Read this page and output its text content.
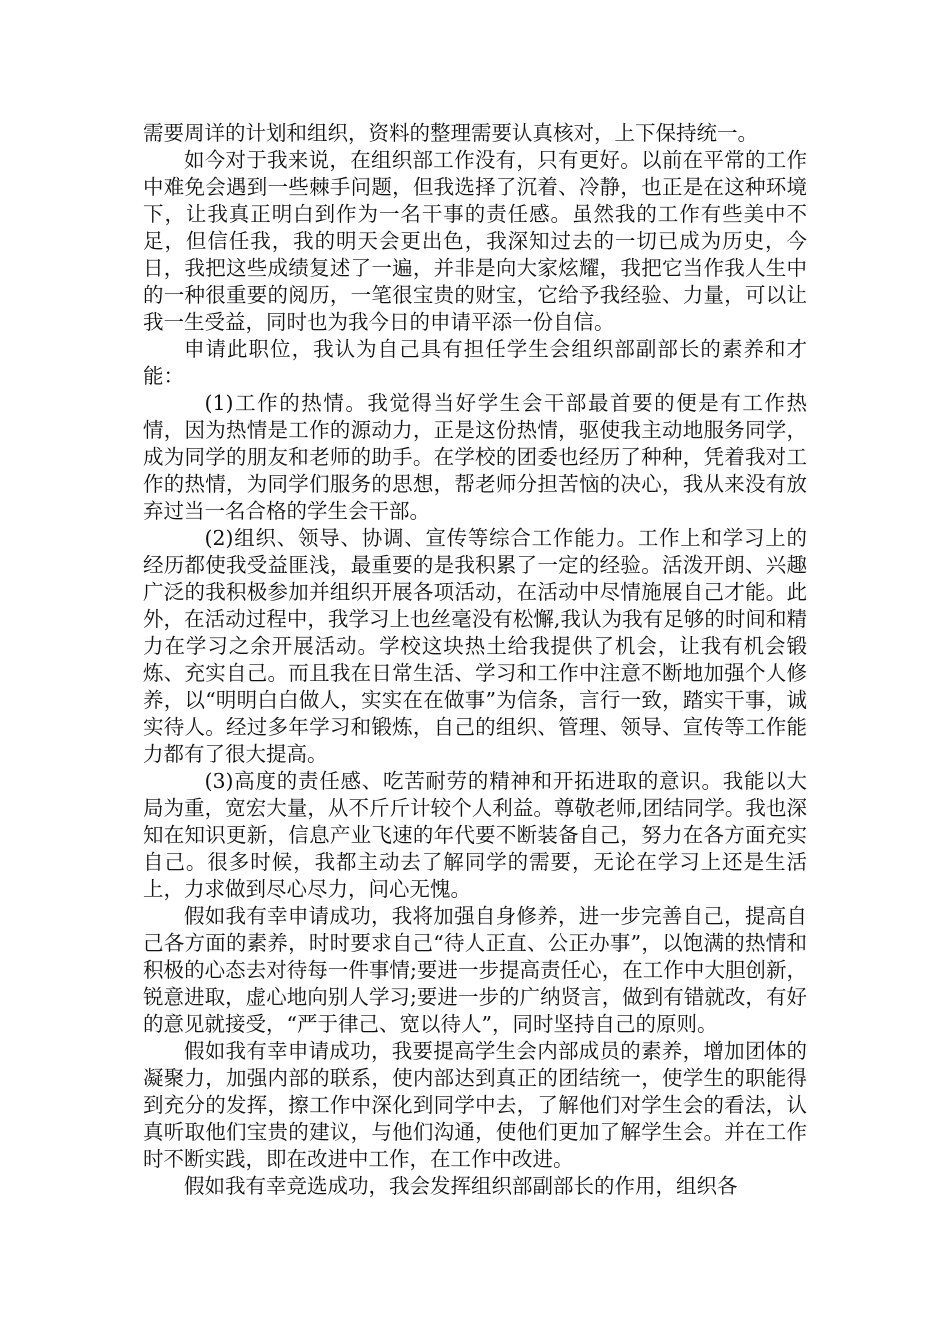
需要周详的计划和组织，资料的整理需要认真核对，上下保持统一。

如今对于我来说，在组织部工作没有，只有更好。以前在平常的工作中难免会遇到一些棘手问题，但我选择了沉着、冷静，也正是在这种环境下，让我真正明白到作为一名干事的责任感。虽然我的工作有些美中不足，但信任我，我的明天会更出色，我深知过去的一切已成为历史，今日，我把这些成绩复述了一遍，并非是向大家炫耀，我把它当作我人生中的一种很重要的阅历，一笔很宝贵的财宝，它给予我经验、力量，可以让我一生受益，同时也为我今日的申请平添一份自信。

申请此职位，我认为自己具有担任学生会组织部副部长的素养和才能：

(1)工作的热情。我觉得当好学生会干部最首要的便是有工作热情，因为热情是工作的源动力，正是这份热情，驱使我主动地服务同学，成为同学的朋友和老师的助手。在学校的团委也经历了种种，凭着我对工作的热情，为同学们服务的思想，帮老师分担苦恼的决心，我从来没有放弃过当一名合格的学生会干部。

(2)组织、领导、协调、宣传等综合工作能力。工作上和学习上的经历都使我受益匪浅，最重要的是我积累了一定的经验。活泼开朗、兴趣广泛的我积极参加并组织开展各项活动，在活动中尽情施展自己才能。此外，在活动过程中，我学习上也丝毫没有松懈,我认为我有足够的时间和精力在学习之余开展活动。学校这块热土给我提供了机会，让我有机会锻炼、充实自己。而且我在日常生活、学习和工作中注意不断地加强个人修养，以“明明白白做人，实实在在做事”为信条，言行一致，踏实干事，诚实待人。经过多年学习和锻炼，自己的组织、管理、领导、宣传等工作能力都有了很大提高。

(3)高度的责任感、吃苦耐劳的精神和开拓进取的意识。我能以大局为重，宽宏大量，从不斤斤计较个人利益。尊敬老师,团结同学。我也深知在知识更新，信息产业飞速的年代要不断装备自己，努力在各方面充实自己。很多时候，我都主动去了解同学的需要，无论在学习上还是生活上，力求做到尽心尽力，问心无愧。

假如我有幸申请成功，我将加强自身修养，进一步完善自己，提高自己各方面的素养，时时要求自己“待人正直、公正办事”，以饱满的热情和积极的心态去对待每一件事情;要进一步提高责任心，在工作中大胆创新，锐意进取，虚心地向别人学习;要进一步的广纳贤言，做到有错就改，有好的意见就接受，“严于律己、宽以待人”，同时坚持自己的原则。

假如我有幸申请成功，我要提高学生会内部成员的素养，增加团体的凝聚力，加强内部的联系，使内部达到真正的团结统一，使学生的职能得到充分的发挥，擦工作中深化到同学中去，了解他们对学生会的看法，认真听取他们宝贵的建议，与他们沟通，使他们更加了解学生会。并在工作时不断实践，即在改进中工作，在工作中改进。

假如我有幸竞选成功，我会发挥组织部副部长的作用，组织各
